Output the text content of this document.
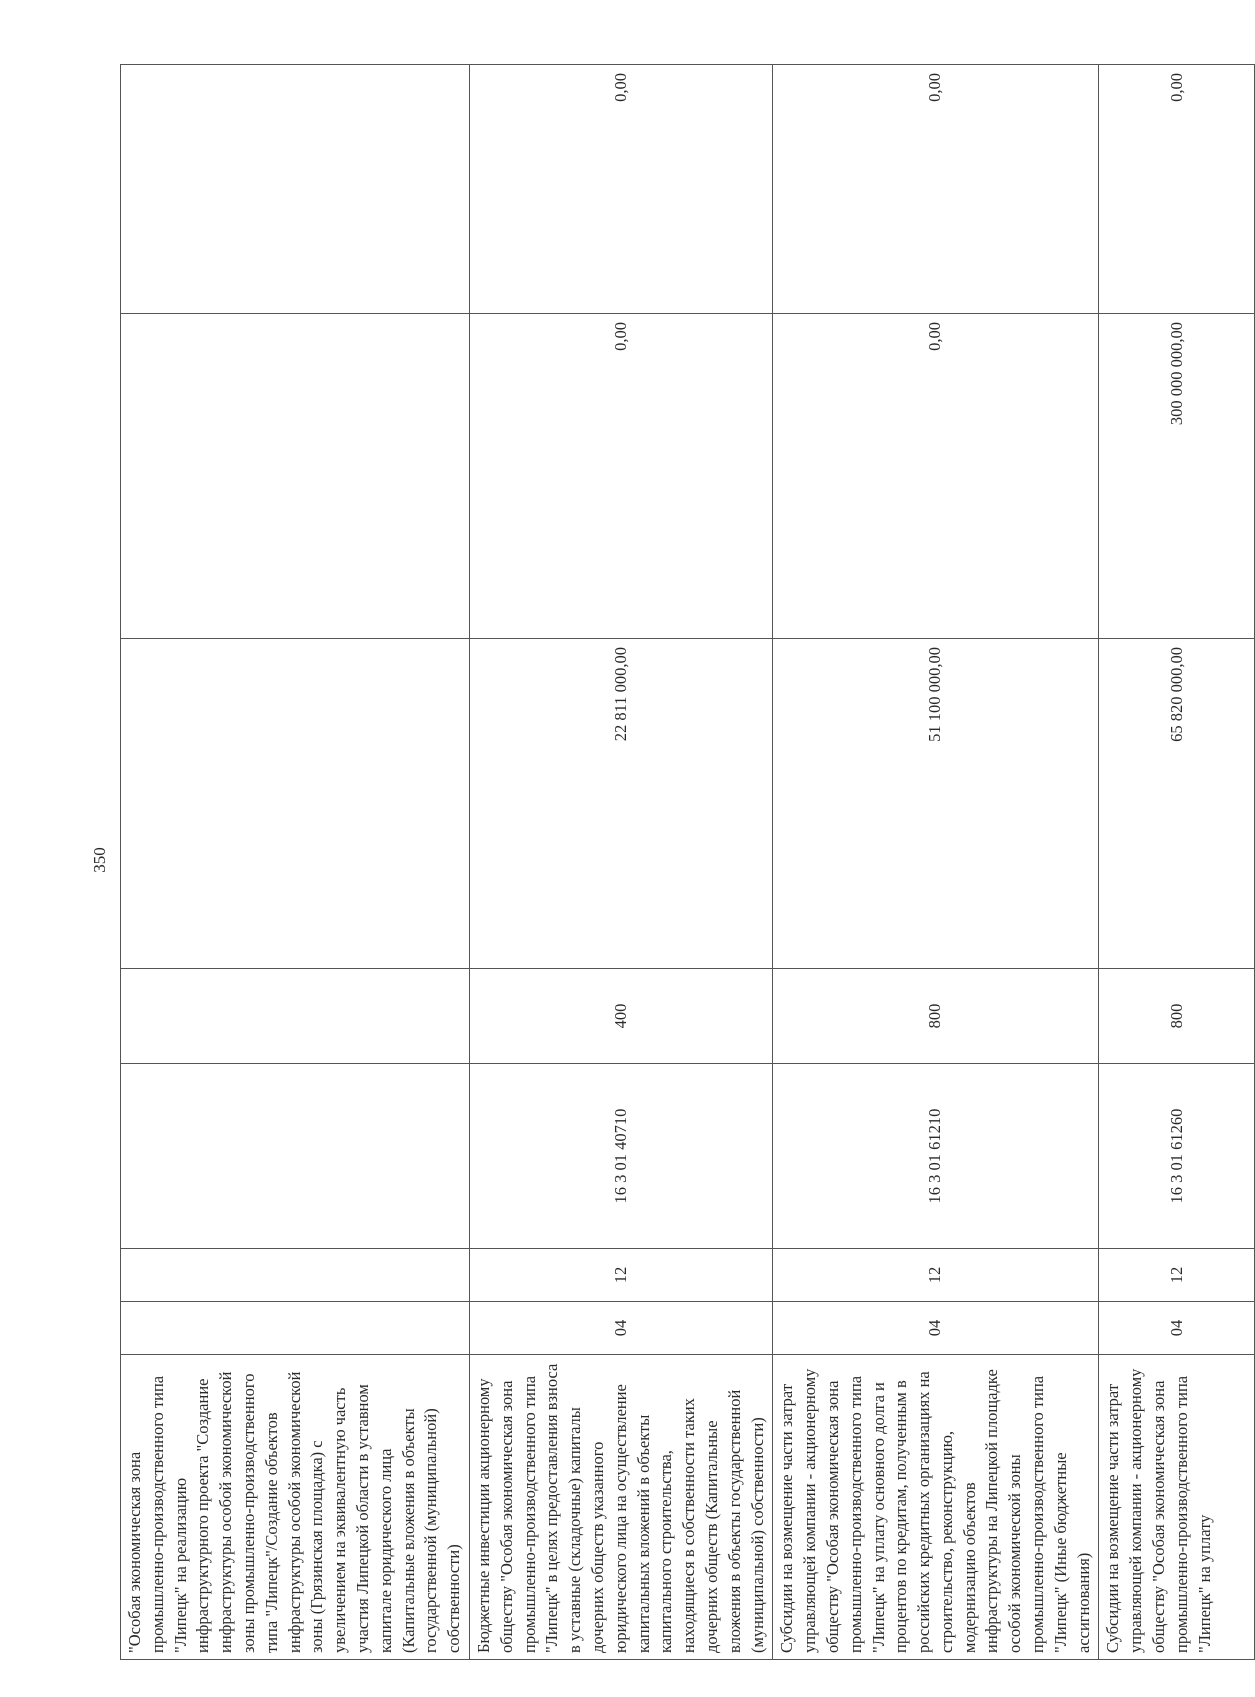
350
"Особая экономическая зона промышленно-производственного типа "Липецк" на реализацию инфраструктурного проекта "Создание инфраструктуры особой экономической зоны промышленно-производственного типа "Липецк"/Создание объектов инфраструктуры особой экономической зоны (Грязинская площадка) с увеличением на эквивалентную часть участия Липецкой области в уставном капитале юридического лица (Капитальные вложения в объекты государственной (муниципальной) собственности)							
Бюджетные инвестиции акционерному обществу "Особая экономическая зона промышленно-производственного типа "Липецк" в целях предоставления взноса в уставные (складочные) капиталы дочерних обществ указанного юридического лица на осуществление капитальных вложений в объекты капитального строительства, находящиеся в собственности таких дочерних обществ (Капитальные вложения в объекты государственной (муниципальной) собственности)	04	12	16 3 01 40710	400	22 811 000,00	0,00	0,00
Субсидии на возмещение части затрат управляющей компании - акционерному обществу "Особая экономическая зона промышленно-производственного типа "Липецк" на уплату основного долга и процентов по кредитам, полученным в российских кредитных организациях на строительство, реконструкцию, модернизацию объектов инфраструктуры на Липецкой площадке особой экономической зоны промышленно-производственного типа "Липецк" (Иные бюджетные ассигнования)	04	12	16 3 01 61210	800	51 100 000,00	0,00	0,00
Субсидии на возмещение части затрат управляющей компании - акционерному обществу "Особая экономическая зона промышленно-производственного типа "Липецк" на уплату	04	12	16 3 01 61260	800	65 820 000,00	300 000 000,00	0,00
